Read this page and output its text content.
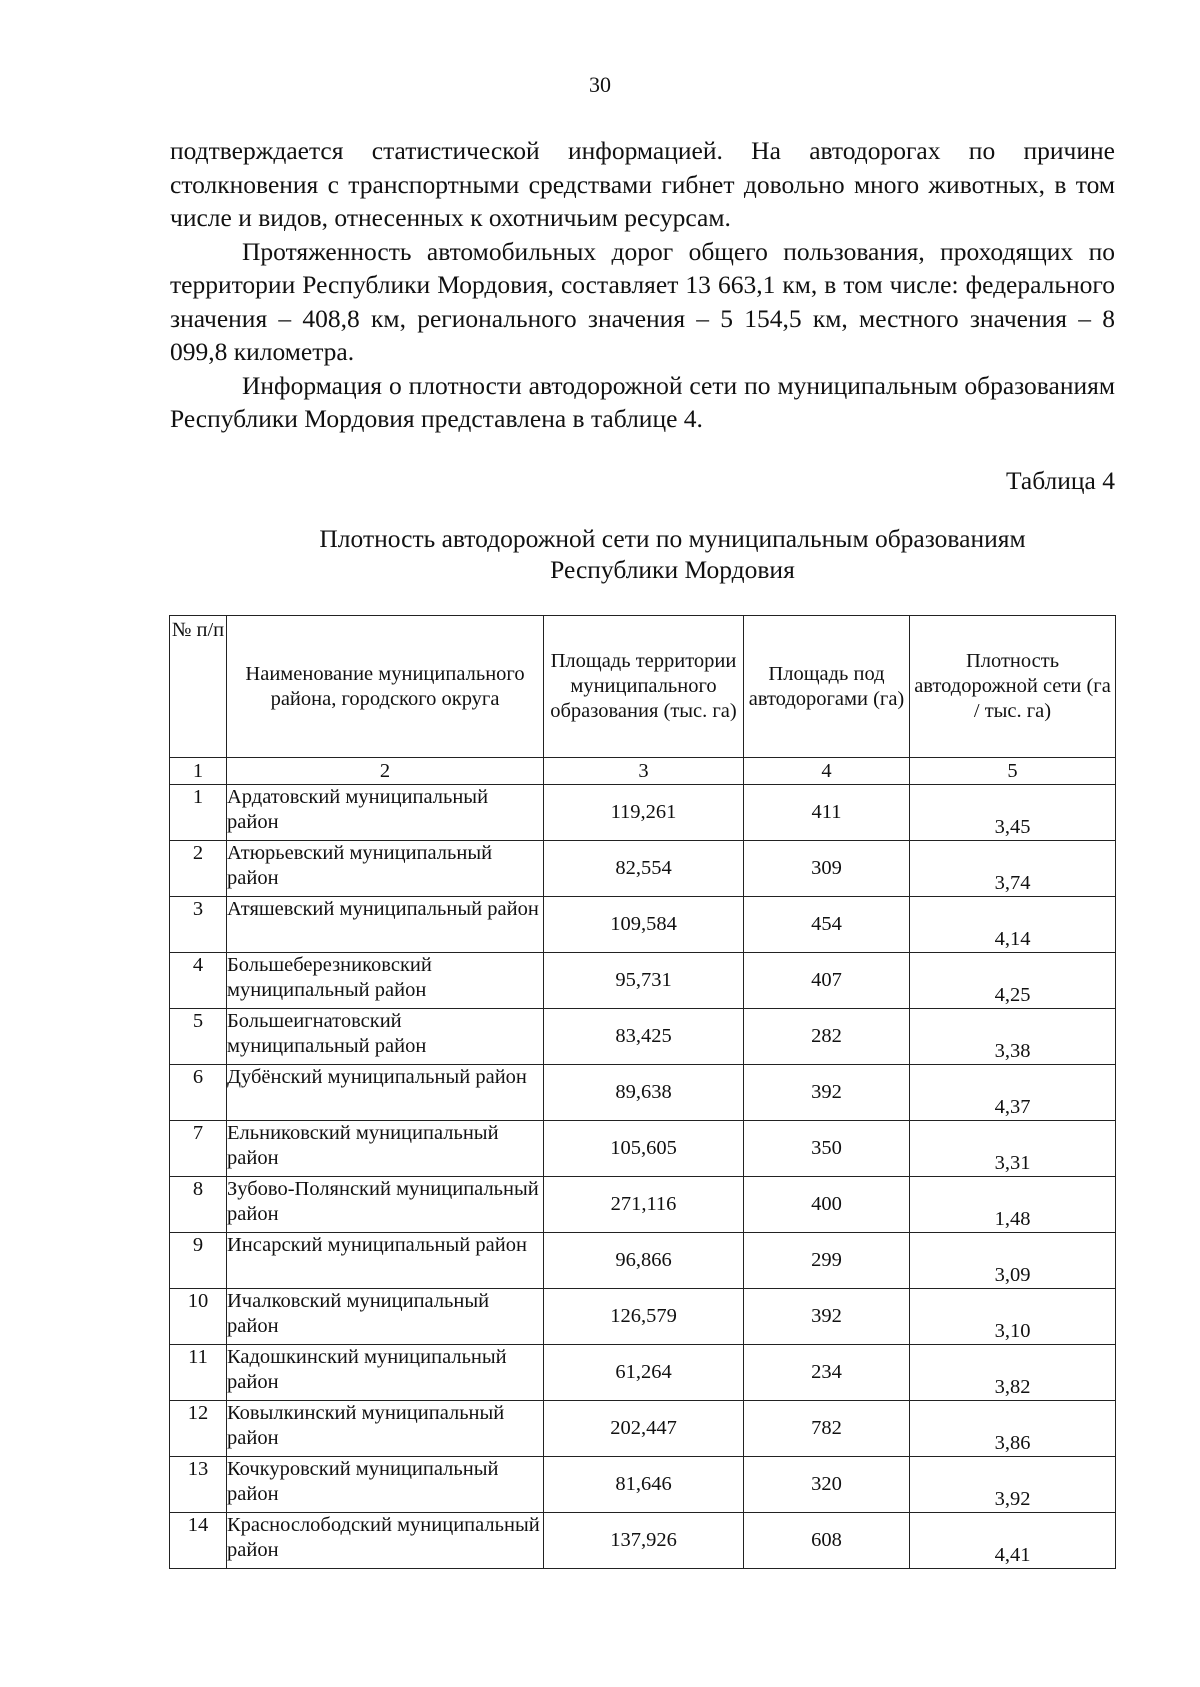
30

подтверждается статистической информацией. На автодорогах по причине столкновения с транспортными средствами гибнет довольно много животных, в том числе и видов, отнесенных к охотничьим ресурсам.

Протяженность автомобильных дорог общего пользования, проходящих по территории Республики Мордовия, составляет 13 663,1 км, в том числе: федерального значения – 408,8 км, регионального значения – 5 154,5 км, местного значения – 8 099,8 километра.

Информация о плотности автодорожной сети по муниципальным образованиям Республики Мордовия представлена в таблице 4.

Таблица 4
Плотность автодорожной сети по муниципальным образованиям
Республики Мордовия
№ п/п	Наименование муниципального района, городского округа	Площадь территории муниципального образования (тыс. га)	Площадь под автодорогами (га)	Плотность автодорожной сети (га / тыс. га)
1	2	3	4	5
1	Ардатовский муниципальный район	119,261	411	3,45
2	Атюрьевский муниципальный район	82,554	309	3,74
3	Атяшевский муниципальный район	109,584	454	4,14
4	Большеберезниковский муниципальный район	95,731	407	4,25
5	Большеигнатовский муниципальный район	83,425	282	3,38
6	Дубёнский муниципальный район	89,638	392	4,37
7	Ельниковский муниципальный район	105,605	350	3,31
8	Зубово-Полянский муниципальный район	271,116	400	1,48
9	Инсарский муниципальный район	96,866	299	3,09
10	Ичалковский муниципальный район	126,579	392	3,10
11	Кадошкинский муниципальный район	61,264	234	3,82
12	Ковылкинский муниципальный район	202,447	782	3,86
13	Кочкуровский муниципальный район	81,646	320	3,92
14	Краснослободский муниципальный район	137,926	608	4,41
